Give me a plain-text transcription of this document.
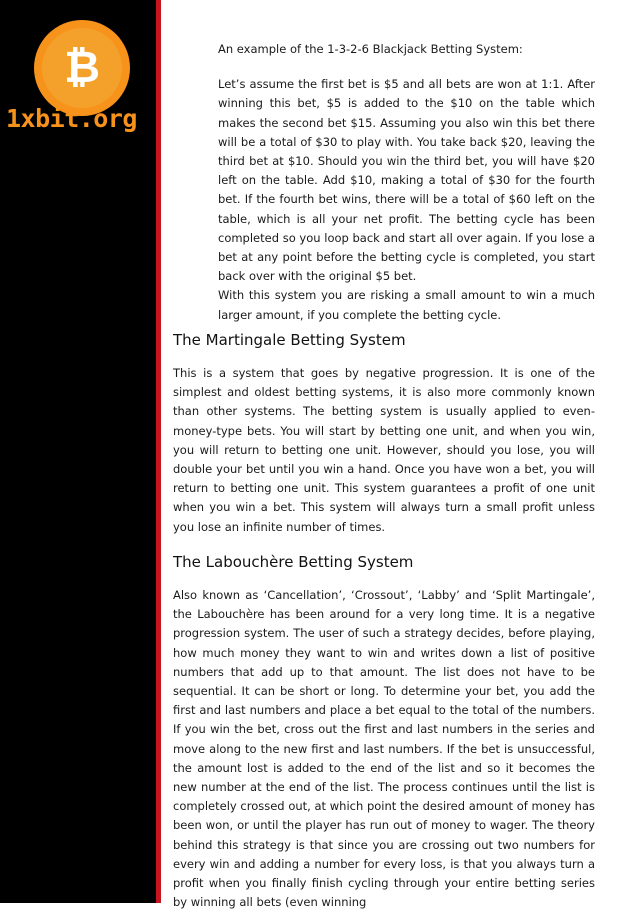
₿
1xbit.org

An example of the 1-3-2-6 Blackjack Betting System:

Let’s assume the first bet is $5 and all bets are won at 1:1. After winning this bet, $5 is added to the $10 on the table which makes the second bet $15. Assuming you also win this bet there will be a total of $30 to play with. You take back $20, leaving the third bet at $10. Should you win the third bet, you will have $20 left on the table. Add $10, making a total of $30 for the fourth bet. If the fourth bet wins, there will be a total of $60 left on the table, which is all your net profit. The betting cycle has been completed so you loop back and start all over again. If you lose a bet at any point before the betting cycle is completed, you start back over with the original $5 bet.

With this system you are risking a small amount to win a much larger amount, if you complete the betting cycle.

The Martingale Betting System

This is a system that goes by negative progression. It is one of the simplest and oldest betting systems, it is also more commonly known than other systems. The betting system is usually applied to even-money-type bets. You will start by betting one unit, and when you win, you will return to betting one unit. However, should you lose, you will double your bet until you win a hand. Once you have won a bet, you will return to betting one unit. This system guarantees a profit of one unit when you win a bet. This system will always turn a small profit unless you lose an infinite number of times.

The Labouchère Betting System

Also known as ‘Cancellation’, ‘Crossout’, ‘Labby’ and ‘Split Martingale’, the Labouchère has been around for a very long time. It is a negative progression system. The user of such a strategy decides, before playing, how much money they want to win and writes down a list of positive numbers that add up to that amount. The list does not have to be sequential. It can be short or long. To determine your bet, you add the first and last numbers and place a bet equal to the total of the numbers. If you win the bet, cross out the first and last numbers in the series and move along to the new first and last numbers. If the bet is unsuccessful, the amount lost is added to the end of the list and so it becomes the new number at the end of the list. The process continues until the list is completely crossed out, at which point the desired amount of money has been won, or until the player has run out of money to wager. The theory behind this strategy is that since you are crossing out two numbers for every win and adding a number for every loss, is that you always turn a profit when you finally finish cycling through your entire betting series by winning all bets (even winning
